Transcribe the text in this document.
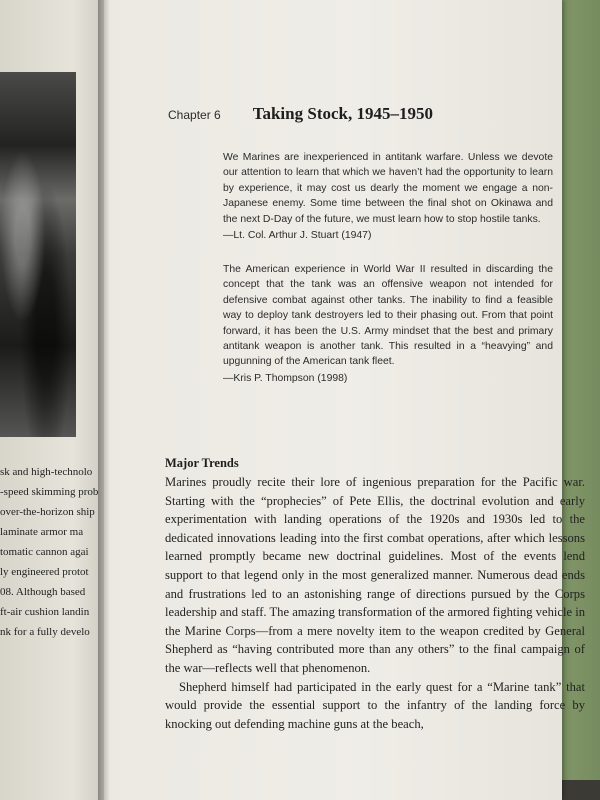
Chapter 6 Taking Stock, 1945–1950

We Marines are inexperienced in antitank warfare. Unless we devote our attention to learn that which we haven’t had the opportunity to learn by experience, it may cost us dearly the moment we engage a non-Japanese enemy. Some time between the final shot on Okinawa and the next D-Day of the future, we must learn how to stop hostile tanks.

—Lt. Col. Arthur J. Stuart (1947)

The American experience in World War II resulted in discarding the concept that the tank was an offensive weapon not intended for defensive combat against other tanks. The inability to find a feasible way to deploy tank destroyers led to their phasing out. From that point forward, it has been the U.S. Army mindset that the best and primary antitank weapon is another tank. This resulted in a “heavying” and upgunning of the American tank fleet.

—Kris P. Thompson (1998)

Major Trends

Marines proudly recite their lore of ingenious preparation for the Pacific war. Starting with the “prophecies” of Pete Ellis, the doctrinal evolution and early experimentation with landing operations of the 1920s and 1930s led to the dedicated innovations leading into the first combat operations, after which lessons learned promptly became new doctrinal guidelines. Most of the events lend support to that legend only in the most generalized manner. Numerous dead ends and frustrations led to an astonishing range of directions pursued by the Corps leadership and staff. The amazing transformation of the armored fighting vehicle in the Marine Corps—from a mere novelty item to the weapon credited by General Shepherd as “having contributed more than any others” to the final campaign of the war—reflects well that phenomenon.

Shepherd himself had participated in the early quest for a “Marine tank” that would provide the essential support to the infantry of the landing force by knocking out defending machine guns at the beach,

sk and high-technolo
-speed skimming prob
over-the-horizon ship
laminate armor ma
tomatic cannon agai
ly engineered protot
08. Although based
ft-air cushion landin
nk for a fully develo
